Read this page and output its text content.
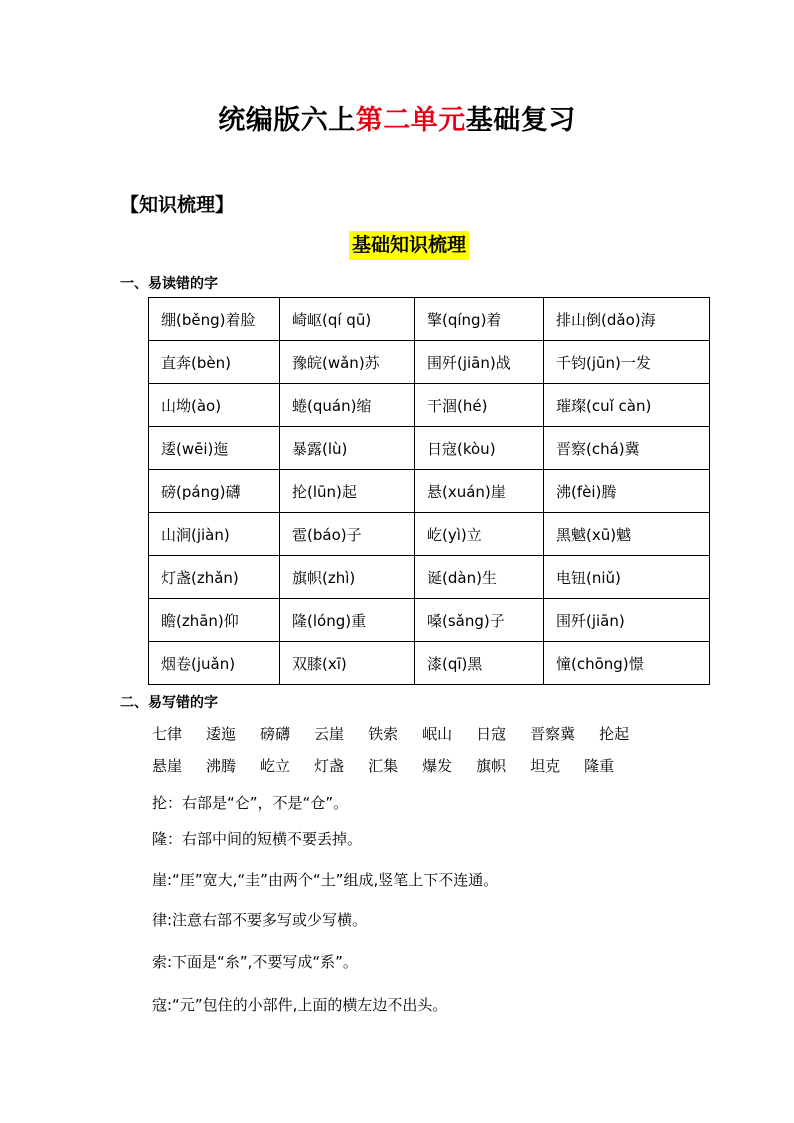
统编版六上第二单元基础复习
【知识梳理】
基础知识梳理
一、易读错的字
绷(běng)着脸	崎岖(qí qū)	擎(qíng)着	排山倒(dǎo)海
直奔(bèn)	豫皖(wǎn)苏	围歼(jiān)战	千钧(jūn)一发
山坳(ào)	蜷(quán)缩	干涸(hé)	璀璨(cuǐ càn)
逶(wēi)迤	暴露(lù)	日寇(kòu)	晋察(chá)冀
磅(páng)礴	抡(lūn)起	悬(xuán)崖	沸(fèi)腾
山涧(jiàn)	雹(báo)子	屹(yì)立	黑魆(xū)魆
灯盏(zhǎn)	旗帜(zhì)	诞(dàn)生	电钮(niǔ)
瞻(zhān)仰	隆(lóng)重	嗓(sǎng)子	围歼(jiān)
烟卷(juǎn)	双膝(xī)	漆(qī)黑	憧(chōng)憬
二、易写错的字
七律 逶迤 磅礴 云崖 铁索 岷山 日寇 晋察冀 抡起
悬崖 沸腾 屹立 灯盏 汇集 爆发 旗帜 坦克 隆重
抡：右部是“仑”，不是“仓”。
隆：右部中间的短横不要丢掉。
崖:“厓”宽大,“圭”由两个“土”组成,竖笔上下不连通。
律:注意右部不要多写或少写横。
索:下面是“糸”,不要写成“系”。
寇:“元”包住的小部件,上面的横左边不出头。
